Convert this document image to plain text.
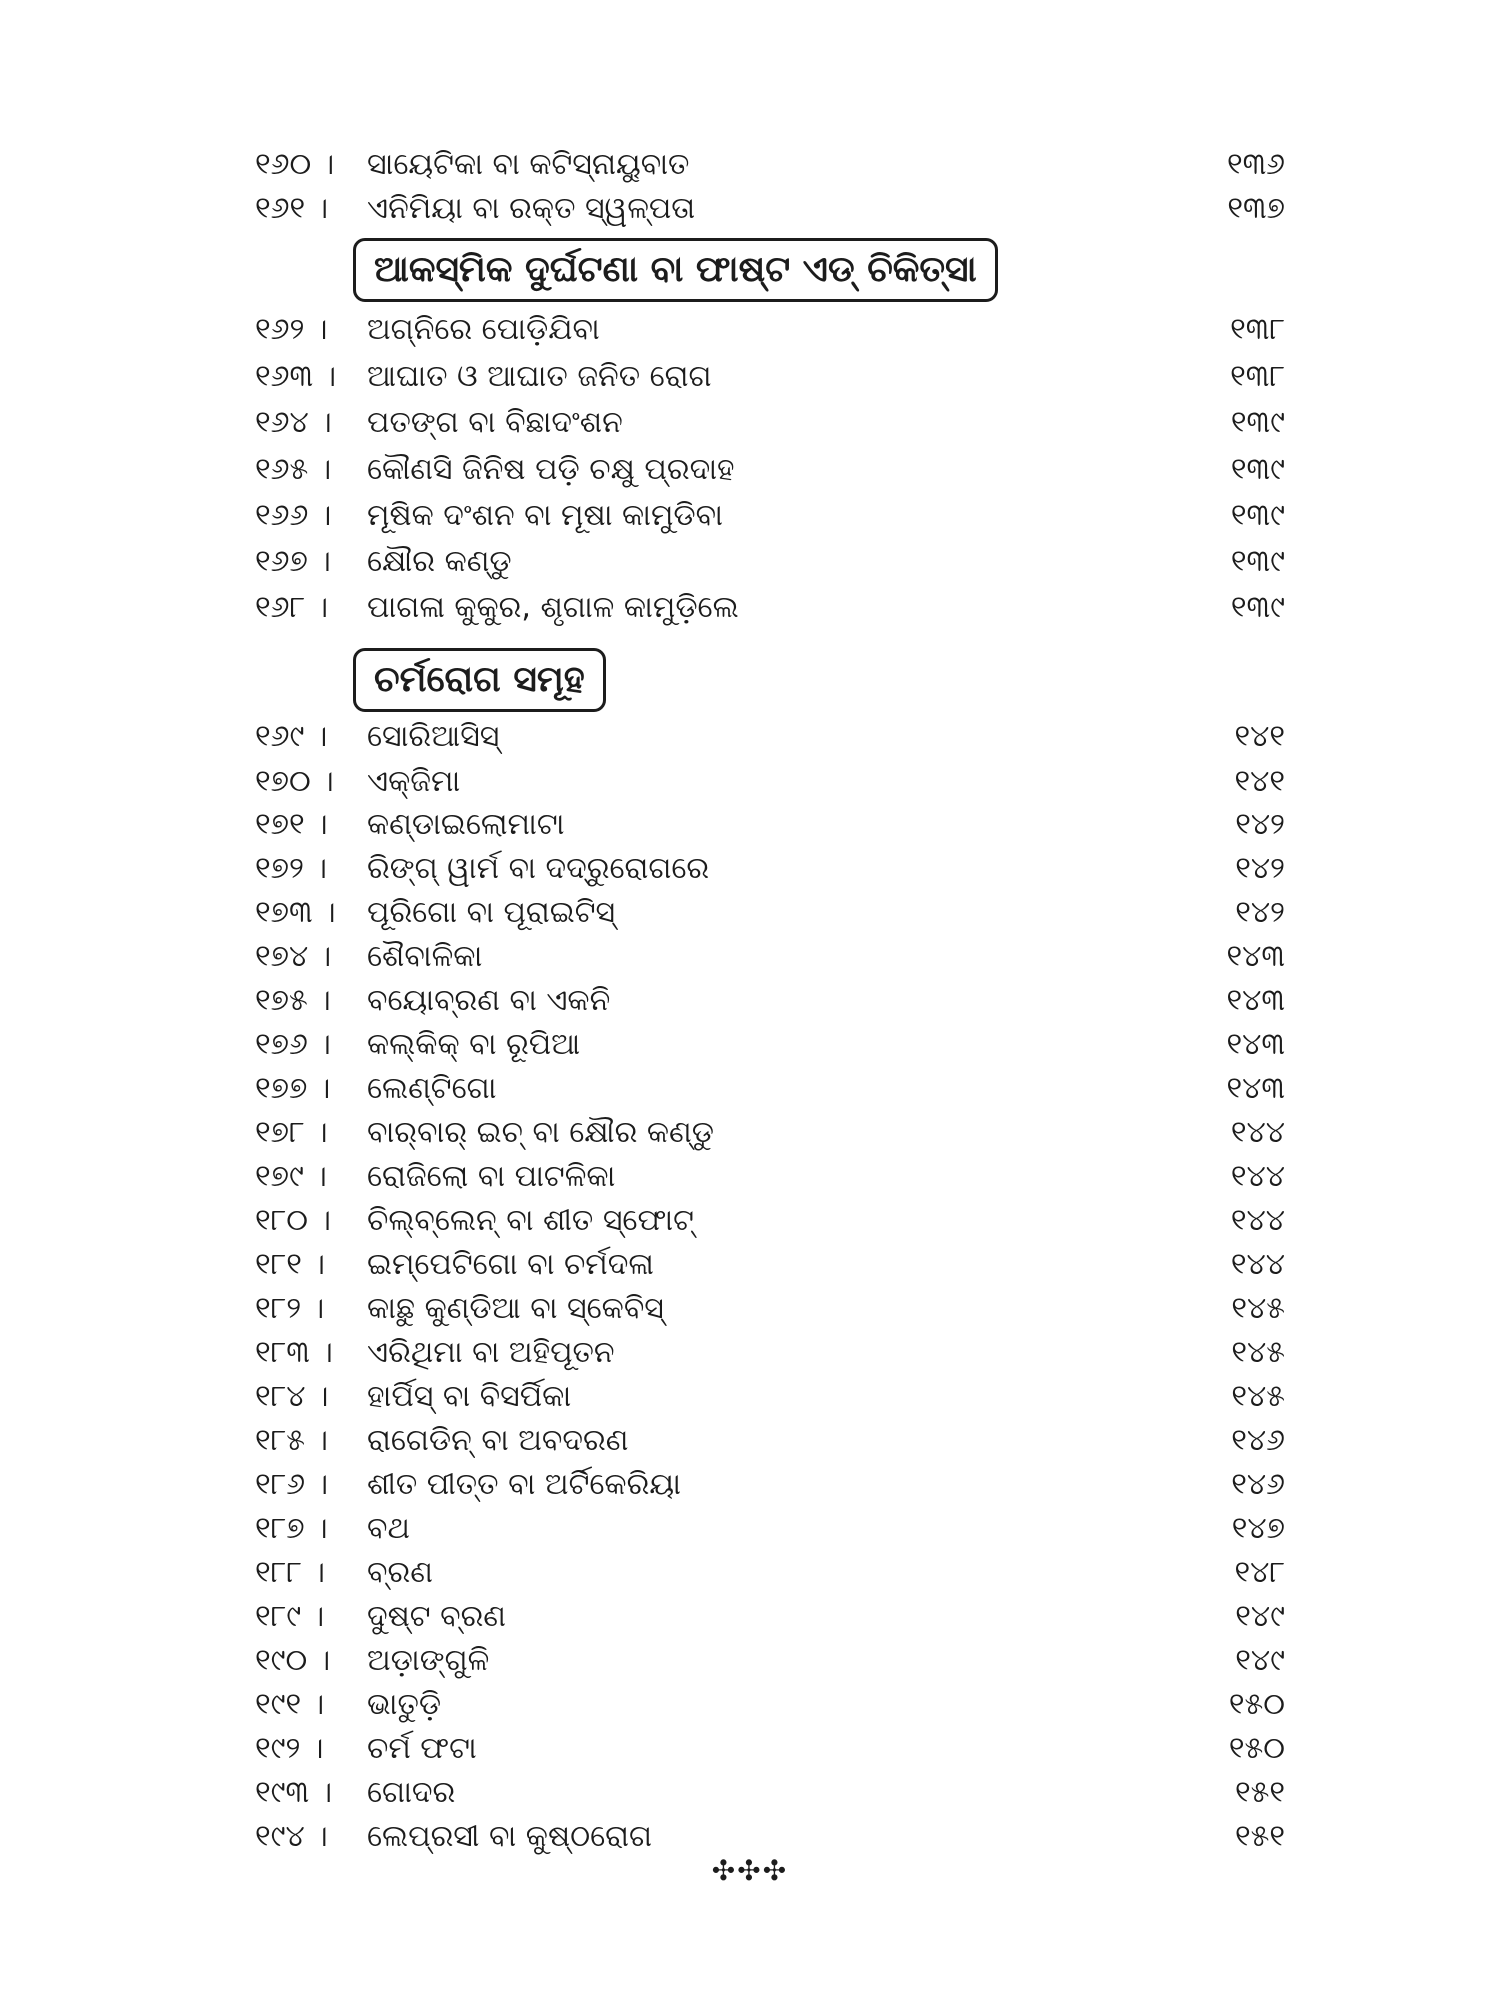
୧୬୦ । ସାୟେଟିକା ବା କଟିସ୍ନାୟୁବାତ	୧୩୬
୧୬୧ । ଏନିମିୟା ବା ରକ୍ତ ସ୍ୱଳ୍ପତା	୧୩୭
ଆକସ୍ମିକ ଦୁର୍ଘଟଣା ବା ଫାଷ୍ଟ ଏଡ୍ ଚିକିତ୍ସା
୧୬୨ । ଅଗ୍ନିରେ ପୋଡ଼ିଯିବା	୧୩୮
୧୬୩ । ଆଘାତ ଓ ଆଘାତ ଜନିତ ରୋଗ	୧୩୮
୧୬୪ । ପତଙ୍ଗ ବା ବିଛାଦଂଶନ	୧୩୯
୧୬୫ । କୌଣସି ଜିନିଷ ପଡ଼ି ଚକ୍ଷୁ ପ୍ରଦାହ	୧୩୯
୧୬୬ । ମୂଷିକ ଦଂଶନ ବା ମୂଷା କାମୁଡିବା	୧୩୯
୧୬୭ । କ୍ଷୌର କଣ୍ଡୁ	୧୩୯
୧୬୮ । ପାଗଳା କୁକୁର, ଶୃଗାଳ କାମୁଡ଼ିଲେ	୧୩୯
ଚର୍ମରୋଗ ସମୂହ
୧୬୯ । ସୋରିଆସିସ୍	୧୪୧
୧୭୦ । ଏକ୍‌ଜିମା	୧୪୧
୧୭୧ । କଣ୍ଡାଇଲୋମାଟା	୧୪୨
୧୭୨ । ରିଙ୍ଗ୍ ୱାର୍ମ ବା ଦଦ୍ରୁରୋଗରେ	୧୪୨
୧୭୩ । ପୂରିଗୋ ବା ପୂରାଇଟିସ୍	୧୪୨
୧୭୪ । ଶୈବାଳିକା	୧୪୩
୧୭୫ । ବୟୋବ୍ରଣ ବା ଏକନି	୧୪୩
୧୭୬ । କଲ୍‌କିକ୍ ବା ରୂପିଆ	୧୪୩
୧୭୭ । ଲେଣ୍ଟିଗୋ	୧୪୩
୧୭୮ । ବାର୍‌ବାର୍ ଇଚ୍ ବା କ୍ଷୌର କଣ୍ଡୁ	୧୪୪
୧୭୯ । ରୋଜିଲୋ ବା ପାଟଳିକା	୧୪୪
୧୮୦ । ଚିଲ୍‌ବ୍ଲେନ୍ ବା ଶୀତ ସ୍ଫୋଟ୍	୧୪୪
୧୮୧ । ଇମ୍ପେଟିଗୋ ବା ଚର୍ମଦଳା	୧୪୪
୧୮୨ । କାଛୁ କୁଣ୍ଡିଆ ବା ସ୍କେବିସ୍	୧୪୫
୧୮୩ । ଏରିଥିମା ବା ଅହିପୂତନ	୧୪୫
୧୮୪ । ହାର୍ପିସ୍ ବା ବିସର୍ପିକା	୧୪୫
୧୮୫ । ରାଗେଡିନ୍ ବା ଅବଦରଣ	୧୪୬
୧୮୬ । ଶୀତ ପୀତ୍ତ ବା ଅର୍ଟିକେରିୟା	୧୪୬
୧୮୭ । ବଥ	୧୪୭
୧୮୮ । ବ୍ରଣ	୧୪୮
୧୮୯ । ଦୁଷ୍ଟ ବ୍ରଣ	୧୪୯
୧୯୦ । ଅଡ଼ାଙ୍ଗୁଳି	୧୪୯
୧୯୧ । ଭାତୁଡ଼ି	୧୫୦
୧୯୨ । ଚର୍ମ ଫଟା	୧୫୦
୧୯୩ । ଗୋଦର	୧୫୧
୧୯୪ । ଲେପ୍ରସୀ ବା କୁଷ୍ଠରୋଗ	୧୫୧
✣✣✣
